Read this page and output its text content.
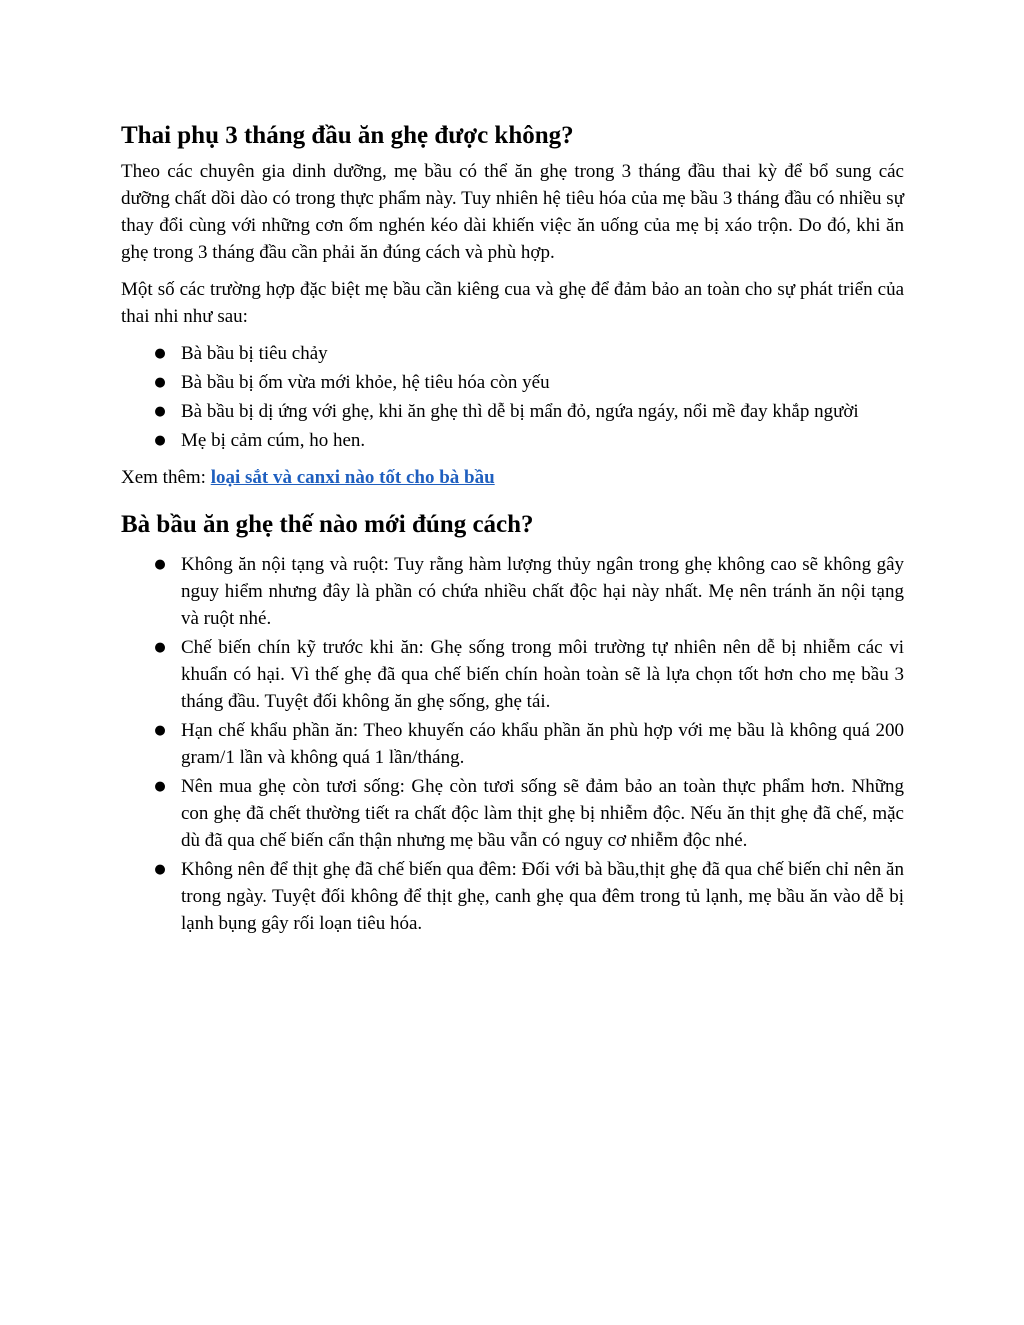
Thai phụ 3 tháng đầu ăn ghẹ được không?

Theo các chuyên gia dinh dưỡng, mẹ bầu có thể ăn ghẹ trong 3 tháng đầu thai kỳ để bổ sung các dưỡng chất dồi dào có trong thực phẩm này. Tuy nhiên hệ tiêu hóa của mẹ bầu 3 tháng đầu có nhiều sự thay đổi cùng với những cơn ốm nghén kéo dài khiến việc ăn uống của mẹ bị xáo trộn. Do đó, khi ăn ghẹ trong 3 tháng đầu cần phải ăn đúng cách và phù hợp.

Một số các trường hợp đặc biệt mẹ bầu cần kiêng cua và ghẹ để đảm bảo an toàn cho sự phát triển của thai nhi như sau:

● Bà bầu bị tiêu chảy
● Bà bầu bị ốm vừa mới khỏe, hệ tiêu hóa còn yếu
● Bà bầu bị dị ứng với ghẹ, khi ăn ghẹ thì dễ bị mẩn đỏ, ngứa ngáy, nổi mề đay khắp người
● Mẹ bị cảm cúm, ho hen.

Xem thêm: loại sắt và canxi nào tốt cho bà bầu

Bà bầu ăn ghẹ thế nào mới đúng cách?
● Không ăn nội tạng và ruột: Tuy rằng hàm lượng thủy ngân trong ghẹ không cao sẽ không gây nguy hiểm nhưng đây là phần có chứa nhiều chất độc hại này nhất. Mẹ nên tránh ăn nội tạng và ruột nhé.
● Chế biến chín kỹ trước khi ăn: Ghẹ sống trong môi trường tự nhiên nên dễ bị nhiễm các vi khuẩn có hại. Vì thế ghẹ đã qua chế biến chín hoàn toàn sẽ là lựa chọn tốt hơn cho mẹ bầu 3 tháng đầu. Tuyệt đối không ăn ghẹ sống, ghẹ tái.
● Hạn chế khẩu phần ăn: Theo khuyến cáo khẩu phần ăn phù hợp với mẹ bầu là không quá 200 gram/1 lần và không quá 1 lần/tháng.
● Nên mua ghẹ còn tươi sống: Ghẹ còn tươi sống sẽ đảm bảo an toàn thực phẩm hơn. Những con ghẹ đã chết thường tiết ra chất độc làm thịt ghẹ bị nhiễm độc. Nếu ăn thịt ghẹ đã chế, mặc dù đã qua chế biến cẩn thận nhưng mẹ bầu vẫn có nguy cơ nhiễm độc nhé.
● Không nên để thịt ghẹ đã chế biến qua đêm: Đối với bà bầu,thịt ghẹ đã qua chế biến chỉ nên ăn trong ngày. Tuyệt đối không để thịt ghẹ, canh ghẹ qua đêm trong tủ lạnh, mẹ bầu ăn vào dễ bị lạnh bụng gây rối loạn tiêu hóa.
